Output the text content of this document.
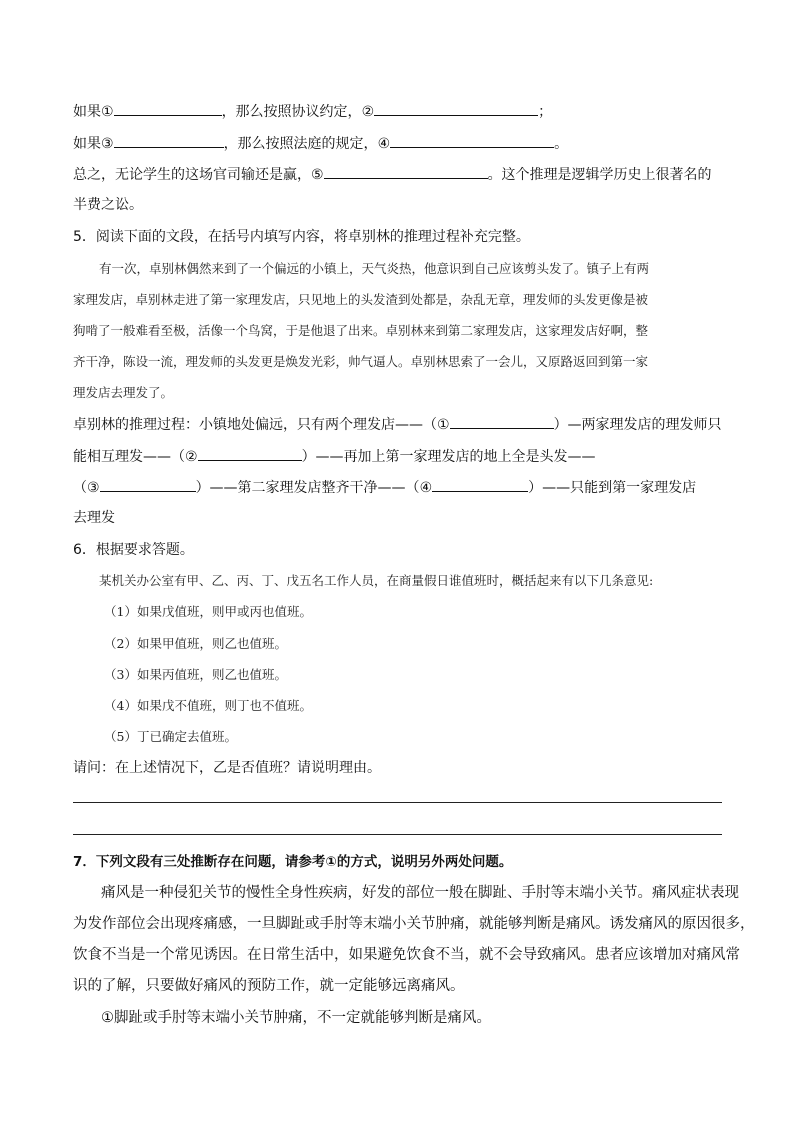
如果①	，那么按照协议约定，②	；
如果③	，那么按照法庭的规定，④	。
总之，无论学生的这场官司输还是赢，⑤	。这个推理是逻辑学历史上很著名的
半费之讼。
5．阅读下面的文段，在括号内填写内容，将卓别林的推理过程补充完整。
有一次，卓别林偶然来到了一个偏远的小镇上，天气炎热，他意识到自己应该剪头发了。镇子上有两
家理发店，卓别林走进了第一家理发店，只见地上的头发渣到处都是，杂乱无章，理发师的头发更像是被
狗啃了一般难看至极，活像一个鸟窝，于是他退了出来。卓别林来到第二家理发店，这家理发店好啊，整
齐干净，陈设一流，理发师的头发更是焕发光彩，帅气逼人。卓别林思索了一会儿，又原路返回到第一家
理发店去理发了。
卓别林的推理过程：小镇地处偏远，只有两个理发店——（①	）—两家理发店的理发师只
能相互理发——（②	）——再加上第一家理发店的地上全是头发——
（③	）——第二家理发店整齐干净——（④	）——只能到第一家理发店
去理发
6．根据要求答题。
某机关办公室有甲、乙、丙、丁、戊五名工作人员，在商量假日谁值班时，概括起来有以下几条意见:
（1）如果戊值班，则甲或丙也值班。
（2）如果甲值班，则乙也值班。
（3）如果丙值班，则乙也值班。
（4）如果戊不值班，则丁也不值班。
（5）丁已确定去值班。
请问：在上述情况下，乙是否值班？请说明理由。
7．下列文段有三处推断存在问题，请参考①的方式，说明另外两处问题。
痛风是一种侵犯关节的慢性全身性疾病，好发的部位一般在脚趾、手肘等末端小关节。痛风症状表现
为发作部位会出现疼痛感，一旦脚趾或手肘等末端小关节肿痛，就能够判断是痛风。诱发痛风的原因很多，
饮食不当是一个常见诱因。在日常生活中，如果避免饮食不当，就不会导致痛风。患者应该增加对痛风常
识的了解，只要做好痛风的预防工作，就一定能够远离痛风。
①脚趾或手肘等末端小关节肿痛，不一定就能够判断是痛风。
